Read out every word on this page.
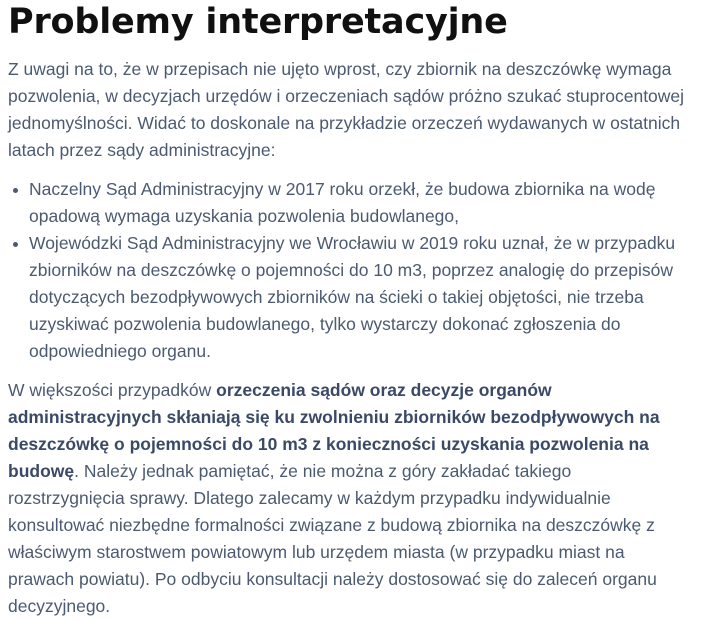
Problemy interpretacyjne

Z uwagi na to, że w przepisach nie ujęto wprost, czy zbiornik na deszczówkę wymaga pozwolenia, w decyzjach urzędów i orzeczeniach sądów próżno szukać stuprocentowej jednomyślności. Widać to doskonale na przykładzie orzeczeń wydawanych w ostatnich latach przez sądy administracyjne:

Naczelny Sąd Administracyjny w 2017 roku orzekł, że budowa zbiornika na wodę opadową wymaga uzyskania pozwolenia budowlanego,
Wojewódzki Sąd Administracyjny we Wrocławiu w 2019 roku uznał, że w przypadku zbiorników na deszczówkę o pojemności do 10 m3, poprzez analogię do przepisów dotyczących bezodpływowych zbiorników na ścieki o takiej objętości, nie trzeba uzyskiwać pozwolenia budowlanego, tylko wystarczy dokonać zgłoszenia do odpowiedniego organu.

W większości przypadków orzeczenia sądów oraz decyzje organów administracyjnych skłaniają się ku zwolnieniu zbiorników bezodpływowych na deszczówkę o pojemności do 10 m3 z konieczności uzyskania pozwolenia na budowę. Należy jednak pamiętać, że nie można z góry zakładać takiego rozstrzygnięcia sprawy. Dlatego zalecamy w każdym przypadku indywidualnie konsultować niezbędne formalności związane z budową zbiornika na deszczówkę z właściwym starostwem powiatowym lub urzędem miasta (w przypadku miast na prawach powiatu). Po odbyciu konsultacji należy dostosować się do zaleceń organu decyzyjnego.
